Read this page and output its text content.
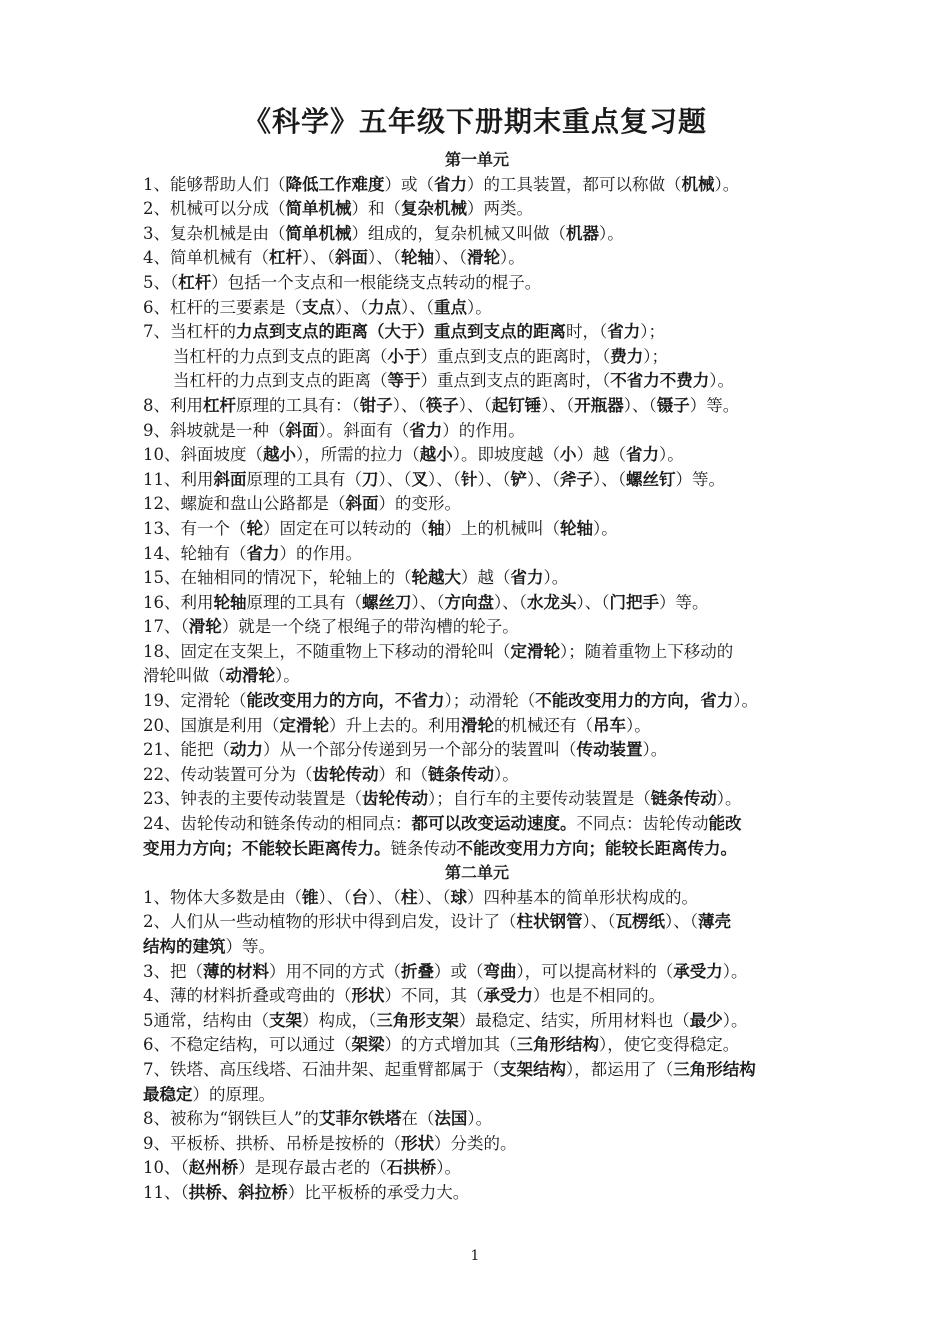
《科学》五年级下册期末重点复习题
第一单元
1、能够帮助人们（降低工作难度）或（省力）的工具装置，都可以称做（机械）。
2、机械可以分成（简单机械）和（复杂机械）两类。
3、复杂机械是由（简单机械）组成的，复杂机械又叫做（机器）。
4、简单机械有（杠杆）、（斜面）、（轮轴）、（滑轮）。
5、（杠杆）包括一个支点和一根能绕支点转动的棍子。
6、杠杆的三要素是（支点）、（力点）、（重点）。
7、当杠杆的力点到支点的距离（大于）重点到支点的距离时，（省力）；
当杠杆的力点到支点的距离（小于）重点到支点的距离时，（费力）；
当杠杆的力点到支点的距离（等于）重点到支点的距离时，（不省力不费力）。
8、利用杠杆原理的工具有：（钳子）、（筷子）、（起钉锤）、（开瓶器）、（镊子）等。
9、斜坡就是一种（斜面）。斜面有（省力）的作用。
10、斜面坡度（越小），所需的拉力（越小）。即坡度越（小）越（省力）。
11、利用斜面原理的工具有（刀）、（叉）、（针）、（铲）、（斧子）、（螺丝钉）等。
12、螺旋和盘山公路都是（斜面）的变形。
13、有一个（轮）固定在可以转动的（轴）上的机械叫（轮轴）。
14、轮轴有（省力）的作用。
15、在轴相同的情况下，轮轴上的（轮越大）越（省力）。
16、利用轮轴原理的工具有（螺丝刀）、（方向盘）、（水龙头）、（门把手）等。
17、（滑轮）就是一个绕了根绳子的带沟槽的轮子。
18、固定在支架上，不随重物上下移动的滑轮叫（定滑轮）；随着重物上下移动的
滑轮叫做（动滑轮）。
19、定滑轮（能改变用力的方向，不省力）；动滑轮（不能改变用力的方向，省力）。
20、国旗是利用（定滑轮）升上去的。利用滑轮的机械还有（吊车）。
21、能把（动力）从一个部分传递到另一个部分的装置叫（传动装置）。
22、传动装置可分为（齿轮传动）和（链条传动）。
23、钟表的主要传动装置是（齿轮传动）；自行车的主要传动装置是（链条传动）。
24、齿轮传动和链条传动的相同点：都可以改变运动速度。不同点：齿轮传动能改
变用力方向；不能较长距离传力。链条传动不能改变用力方向；能较长距离传力。
第二单元
1、物体大多数是由（锥）、（台）、（柱）、（球）四种基本的简单形状构成的。
2、人们从一些动植物的形状中得到启发，设计了（柱状钢管）、（瓦楞纸）、（薄壳
结构的建筑）等。
3、把（薄的材料）用不同的方式（折叠）或（弯曲），可以提高材料的（承受力）。
4、薄的材料折叠或弯曲的（形状）不同，其（承受力）也是不相同的。
5通常，结构由（支架）构成，（三角形支架）最稳定、结实，所用材料也（最少）。
6、不稳定结构，可以通过（架梁）的方式增加其（三角形结构），使它变得稳定。
7、铁塔、高压线塔、石油井架、起重臂都属于（支架结构），都运用了（三角形结构
最稳定）的原理。
8、被称为“钢铁巨人”的艾菲尔铁塔在（法国）。
9、平板桥、拱桥、吊桥是按桥的（形状）分类的。
10、（赵州桥）是现存最古老的（石拱桥）。
11、（拱桥、斜拉桥）比平板桥的承受力大。
1
